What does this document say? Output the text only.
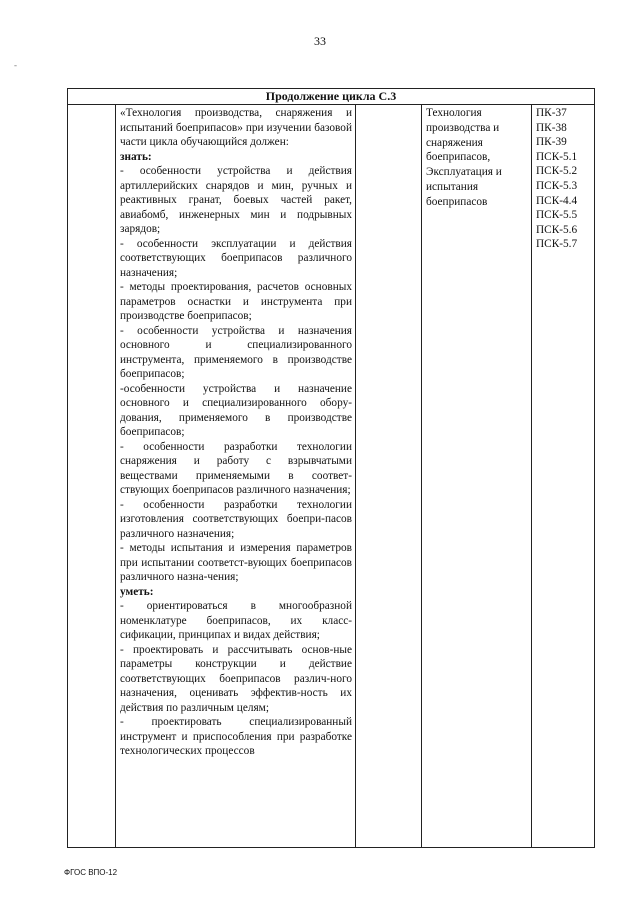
33
-
Продолжение цикла С.3

«Технология производства, снаряжения и испытаний боеприпасов» при изучении базовой части цикла обучающийся должен:

знать:

- особенности устройства и действия артиллерийских снарядов и мин, ручных и реактивных гранат, боевых частей ракет, авиабомб, инженерных мин и подрывных зарядов;

- особенности эксплуатации и действия соответствующих боеприпасов различного назначения;

- методы проектирования, расчетов основных параметров оснастки и инструмента при производстве боеприпасов;

- особенности устройства и назначения основного и специализированного инструмента, применяемого в производстве боеприпасов;

-особенности устройства и назначение основного и специализированного обору-дования, применяемого в производстве боеприпасов;

- особенности разработки технологии снаряжения и работу с взрывчатыми веществами применяемыми в соответ-ствующих боеприпасов различного назначения;

- особенности разработки технологии изготовления соответствующих боепри-пасов различного назначения;

- методы испытания и измерения параметров при испытании соответст-вующих боеприпасов различного назна-чения;

уметь:

- ориентироваться в многообразной номенклатуре боеприпасов, их класс-сификации, принципах и видах действия;

- проектировать и рассчитывать основ-ные параметры конструкции и действие соответствующих боеприпасов различ-ного назначения, оценивать эффектив-ность их действия по различным целям;

- проектировать специализированный инструмент и приспособления при разработке технологических процессов

Технология производства и снаряжения боеприпасов, Эксплуатация и испытания боеприпасов
ПК-37
ПК-38
ПК-39
ПСК-5.1
ПСК-5.2
ПСК-5.3
ПСК-4.4
ПСК-5.5
ПСК-5.6
ПСК-5.7
ФГОС ВПО-12
